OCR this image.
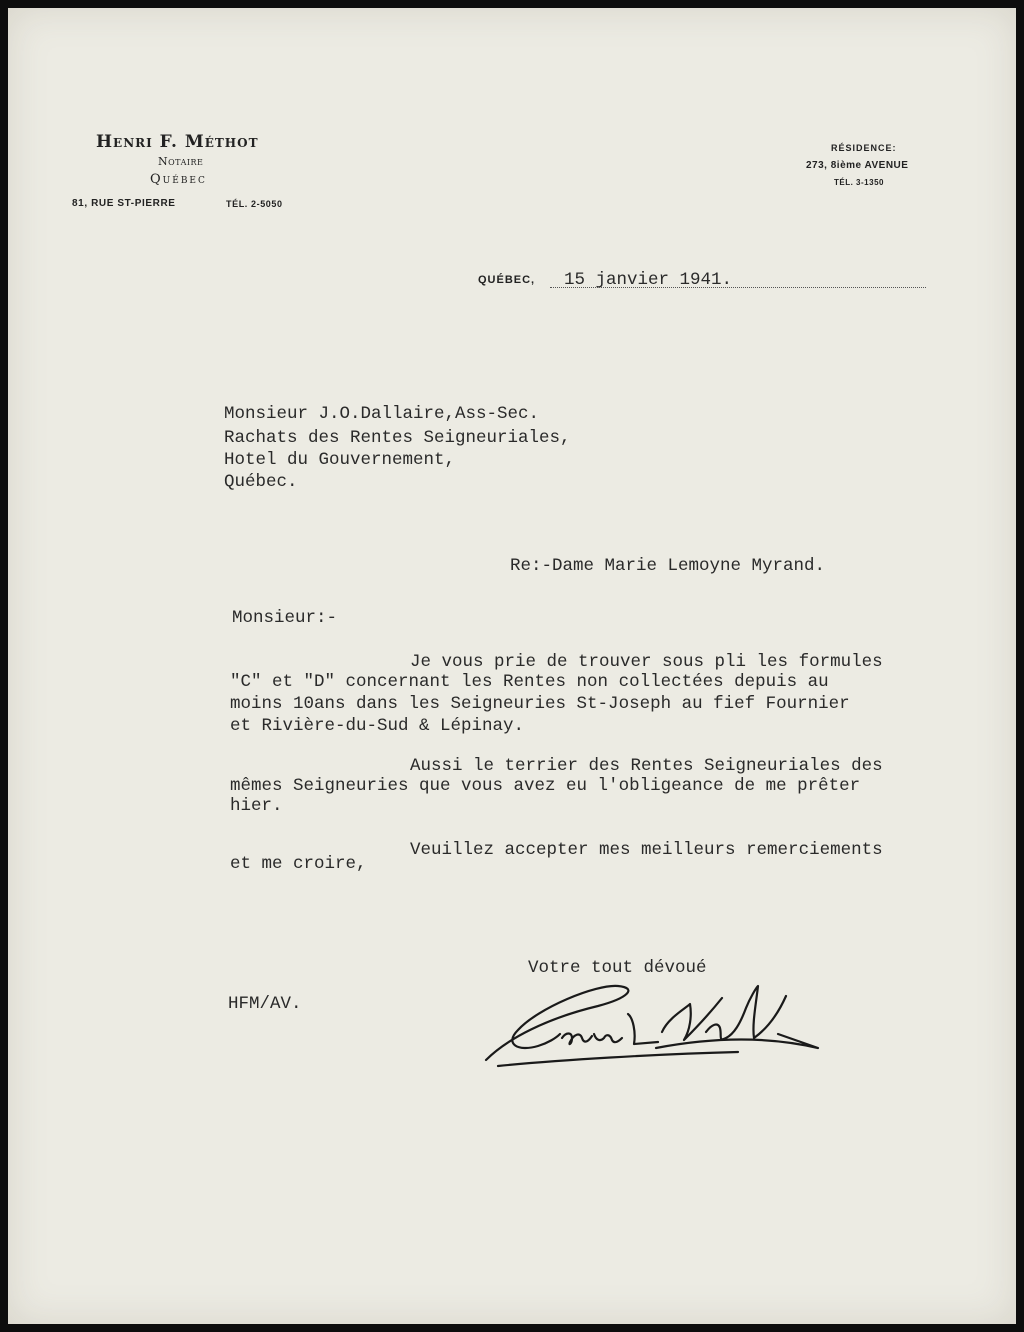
Henri F. Méthot
Notaire
Québec
81, RUE ST-PIERRE	TÉL. 2-5050
RÉSIDENCE:
273, 8ième AVENUE
TÉL. 3-1350
QUÉBEC, 15 janvier 1941.
Monsieur J.O.Dallaire,Ass-Sec.
Rachats des Rentes Seigneuriales,
Hotel du Gouvernement,
Québec.
Re:-Dame Marie Lemoyne Myrand.
Monsieur:-
Je vous prie de trouver sous pli les formules
"C" et "D" concernant les Rentes non collectées depuis au
moins 10ans dans les Seigneuries St-Joseph au fief Fournier
et Rivière-du-Sud & Lépinay.
Aussi le terrier des Rentes Seigneuriales des
mêmes Seigneuries que vous avez eu l'obligeance de me prêter
hier.
Veuillez accepter mes meilleurs remerciements
et me croire,
Votre tout dévoué
HFM/AV.
